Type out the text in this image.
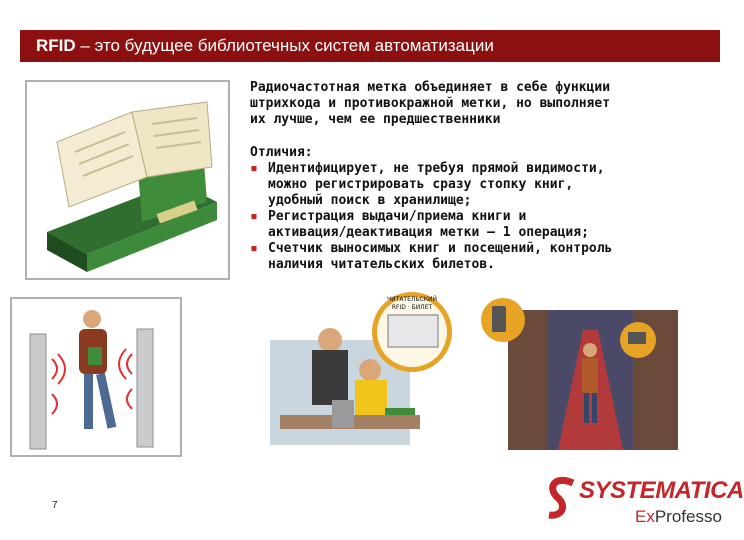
RFID – это будущее библиотечных систем автоматизации
Радиочастотная метка объединяет в себе функции
штрихкода и противокражной метки, но выполняет
их лучше, чем ее предшественники
Отличия:
▪ Идентифицирует, не требуя прямой видимости,
можно регистрировать сразу стопку книг,
удобный поиск в хранилище;
▪ Регистрация выдачи/приема книги и
активация/деактивация метки – 1 операция;
▪ Счетчик выносимых книг и посещений, контроль
наличия читательских билетов.
ЧИТАТЕЛЬСКИЙ
RFID · БИЛЕТ
7
SYSTEMATICA
ExProfesso
